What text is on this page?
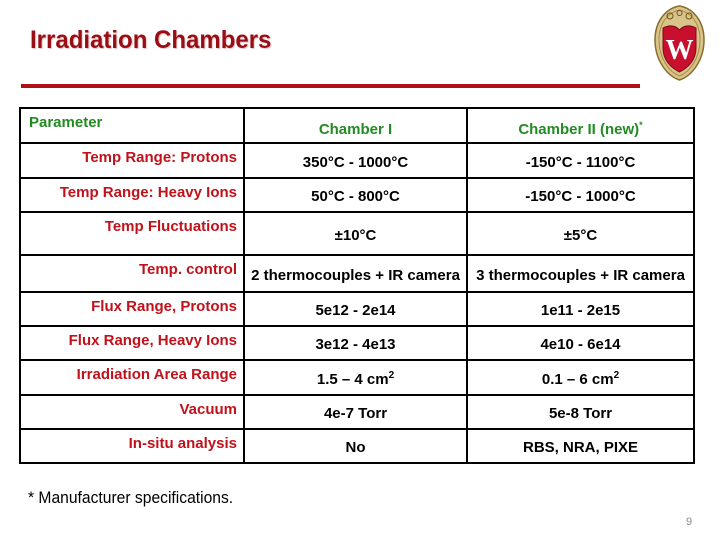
Irradiation Chambers	W
Parameter	Chamber I	Chamber II (new)*
Temp Range: Protons	350°C - 1000°C	-150°C - 1100°C
Temp Range: Heavy Ions	50°C - 800°C	-150°C - 1000°C
Temp Fluctuations	±10°C	±5°C
Temp. control	2 thermocouples + IR camera	3 thermocouples + IR camera
Flux Range, Protons	5e12 - 2e14	1e11 - 2e15
Flux Range, Heavy Ions	3e12 - 4e13	4e10 - 6e14
Irradiation Area Range	1.5 – 4 $cm^2$	0.1 – 6 $cm^2$
Vacuum	4e-7 Torr	5e-8 Torr
In-situ analysis	No	RBS, NRA, PIXE
* Manufacturer specifications.
9
